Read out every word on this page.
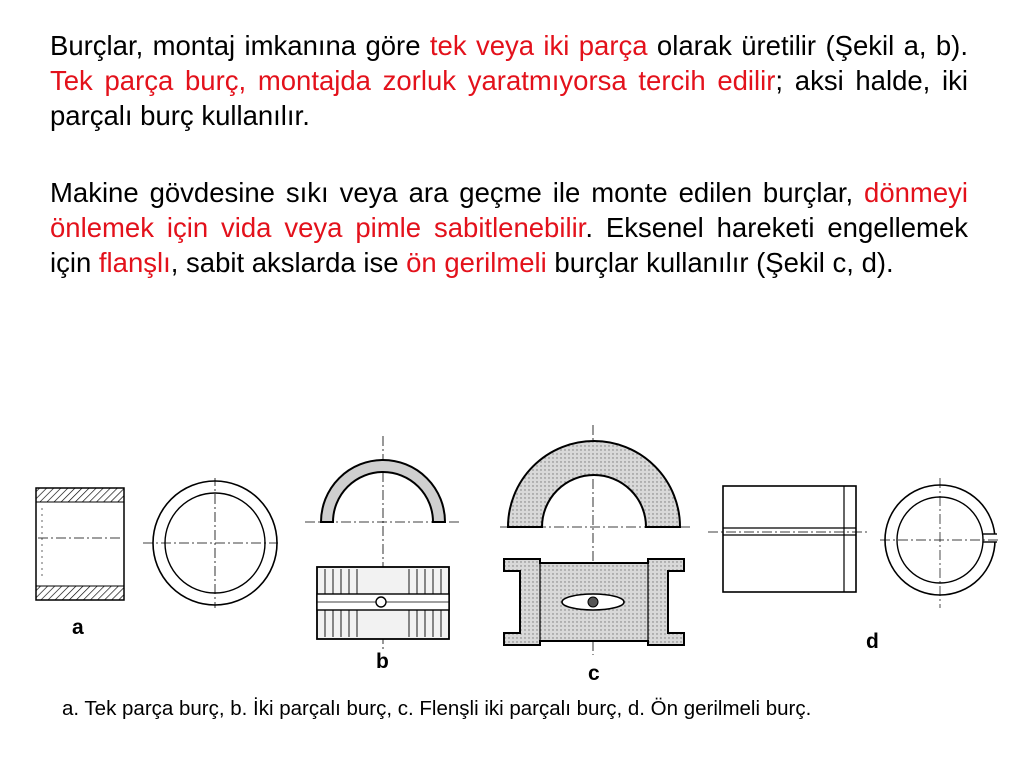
Burçlar, montaj imkanına göre tek veya iki parça olarak üretilir (Şekil a, b). Tek parça burç, montajda zorluk yaratmıyorsa tercih edilir; aksi halde, iki parçalı burç kullanılır.

Makine gövdesine sıkı veya ara geçme ile monte edilen burçlar, dönmeyi önlemek için vida veya pimle sabitlenebilir. Eksenel hareketi engellemek için flanşlı, sabit akslarda ise ön gerilmeli burçlar kullanılır (Şekil c, d).

a
b
c
d
a. Tek parça burç, b. İki parçalı burç, c. Flenşli iki parçalı burç, d. Ön gerilmeli burç.
